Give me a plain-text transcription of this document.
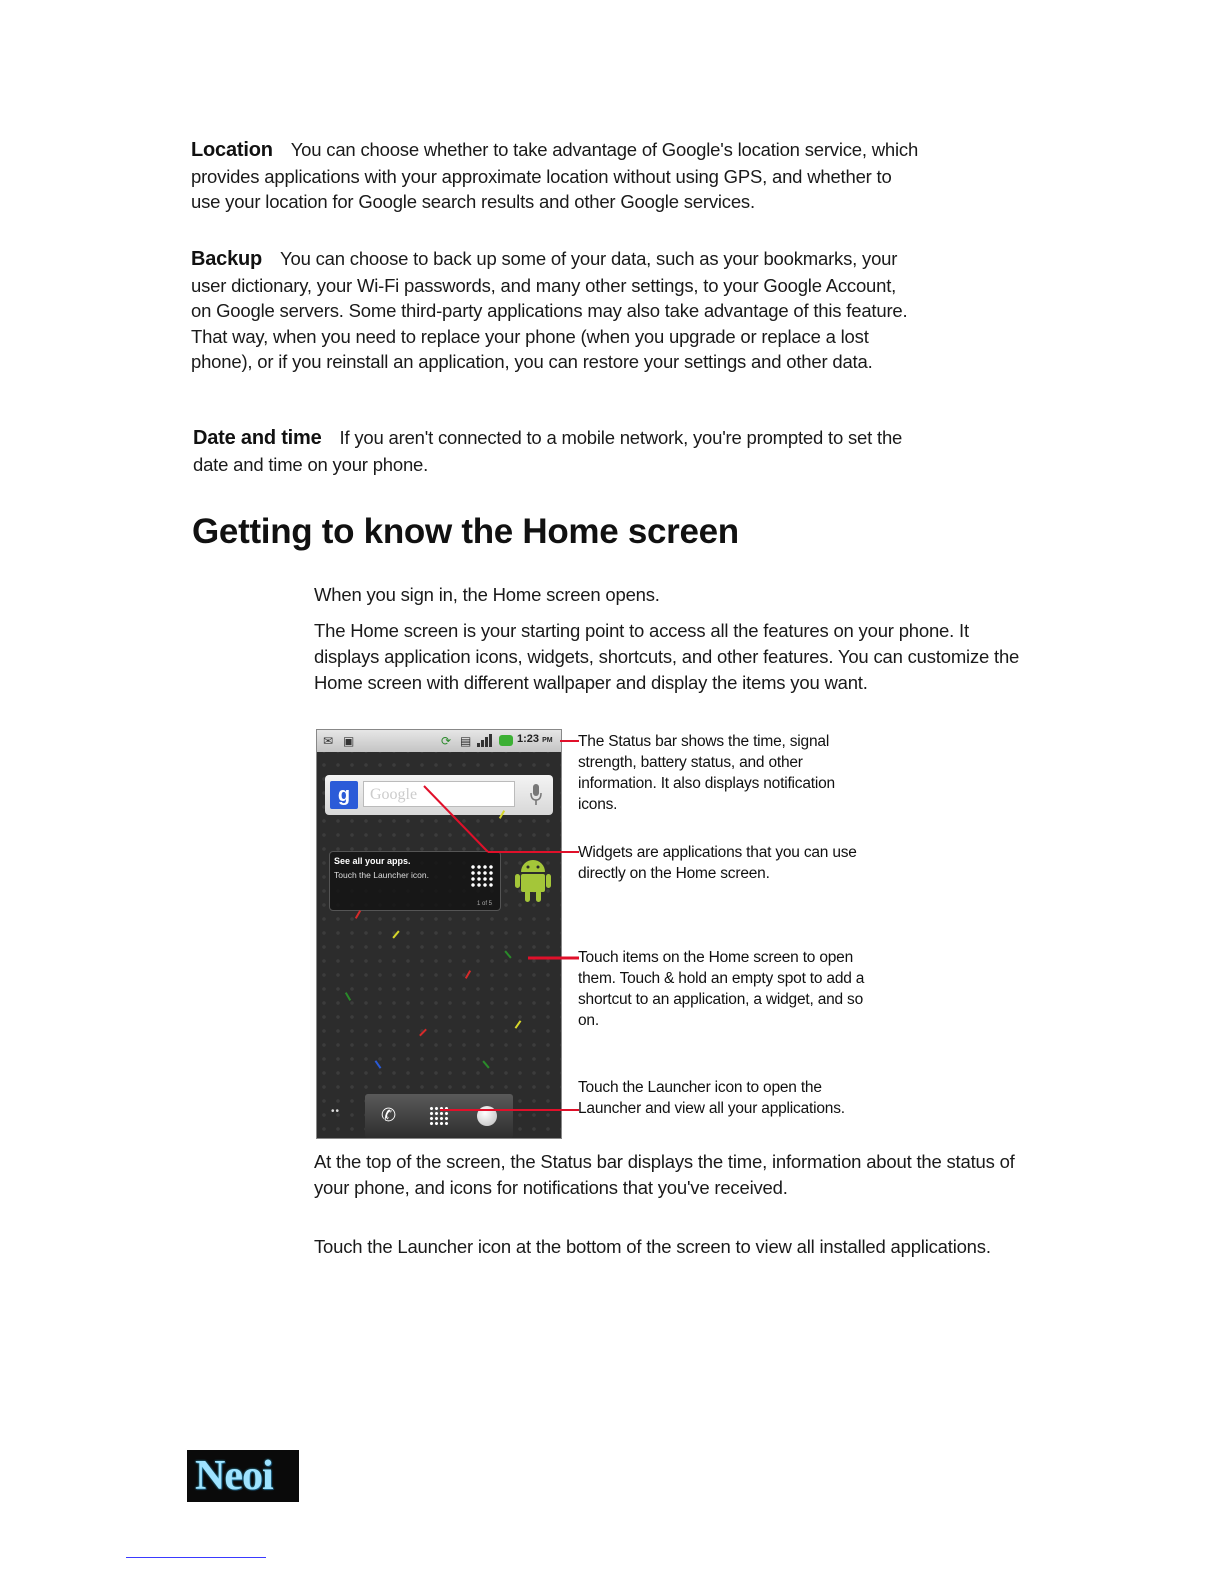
Location You can choose whether to take advantage of Google's location service, which provides applications with your approximate location without using GPS, and whether to use your location for Google search results and other Google services.
Backup You can choose to back up some of your data, such as your bookmarks, your user dictionary, your Wi-Fi passwords, and many other settings, to your Google Account, on Google servers. Some third-party applications may also take advantage of this feature. That way, when you need to replace your phone (when you upgrade or replace a lost phone), or if you reinstall an application, you can restore your settings and other data.
Date and time If you aren't connected to a mobile network, you're prompted to set the date and time on your phone.
Getting to know the Home screen
When you sign in, the Home screen opens.
The Home screen is your starting point to access all the features on your phone. It displays application icons, widgets, shortcuts, and other features. You can customize the Home screen with different wallpaper and display the items you want.
✉ ▣	⟳ ▤	1:23 PM
g	Google
See all your apps.
Touch the Launcher icon.
1 of 5
•• ✆
The Status bar shows the time, signal strength, battery status, and other information. It also displays notification icons.
Widgets are applications that you can use directly on the Home screen.
Touch items on the Home screen to open them. Touch & hold an empty spot to add a shortcut to an application, a widget, and so on.
Touch the Launcher icon to open the Launcher and view all your applications.
At the top of the screen, the Status bar displays the time, information about the status of your phone, and icons for notifications that you've received.
Touch the Launcher icon at the bottom of the screen to view all installed applications.
Neoi
